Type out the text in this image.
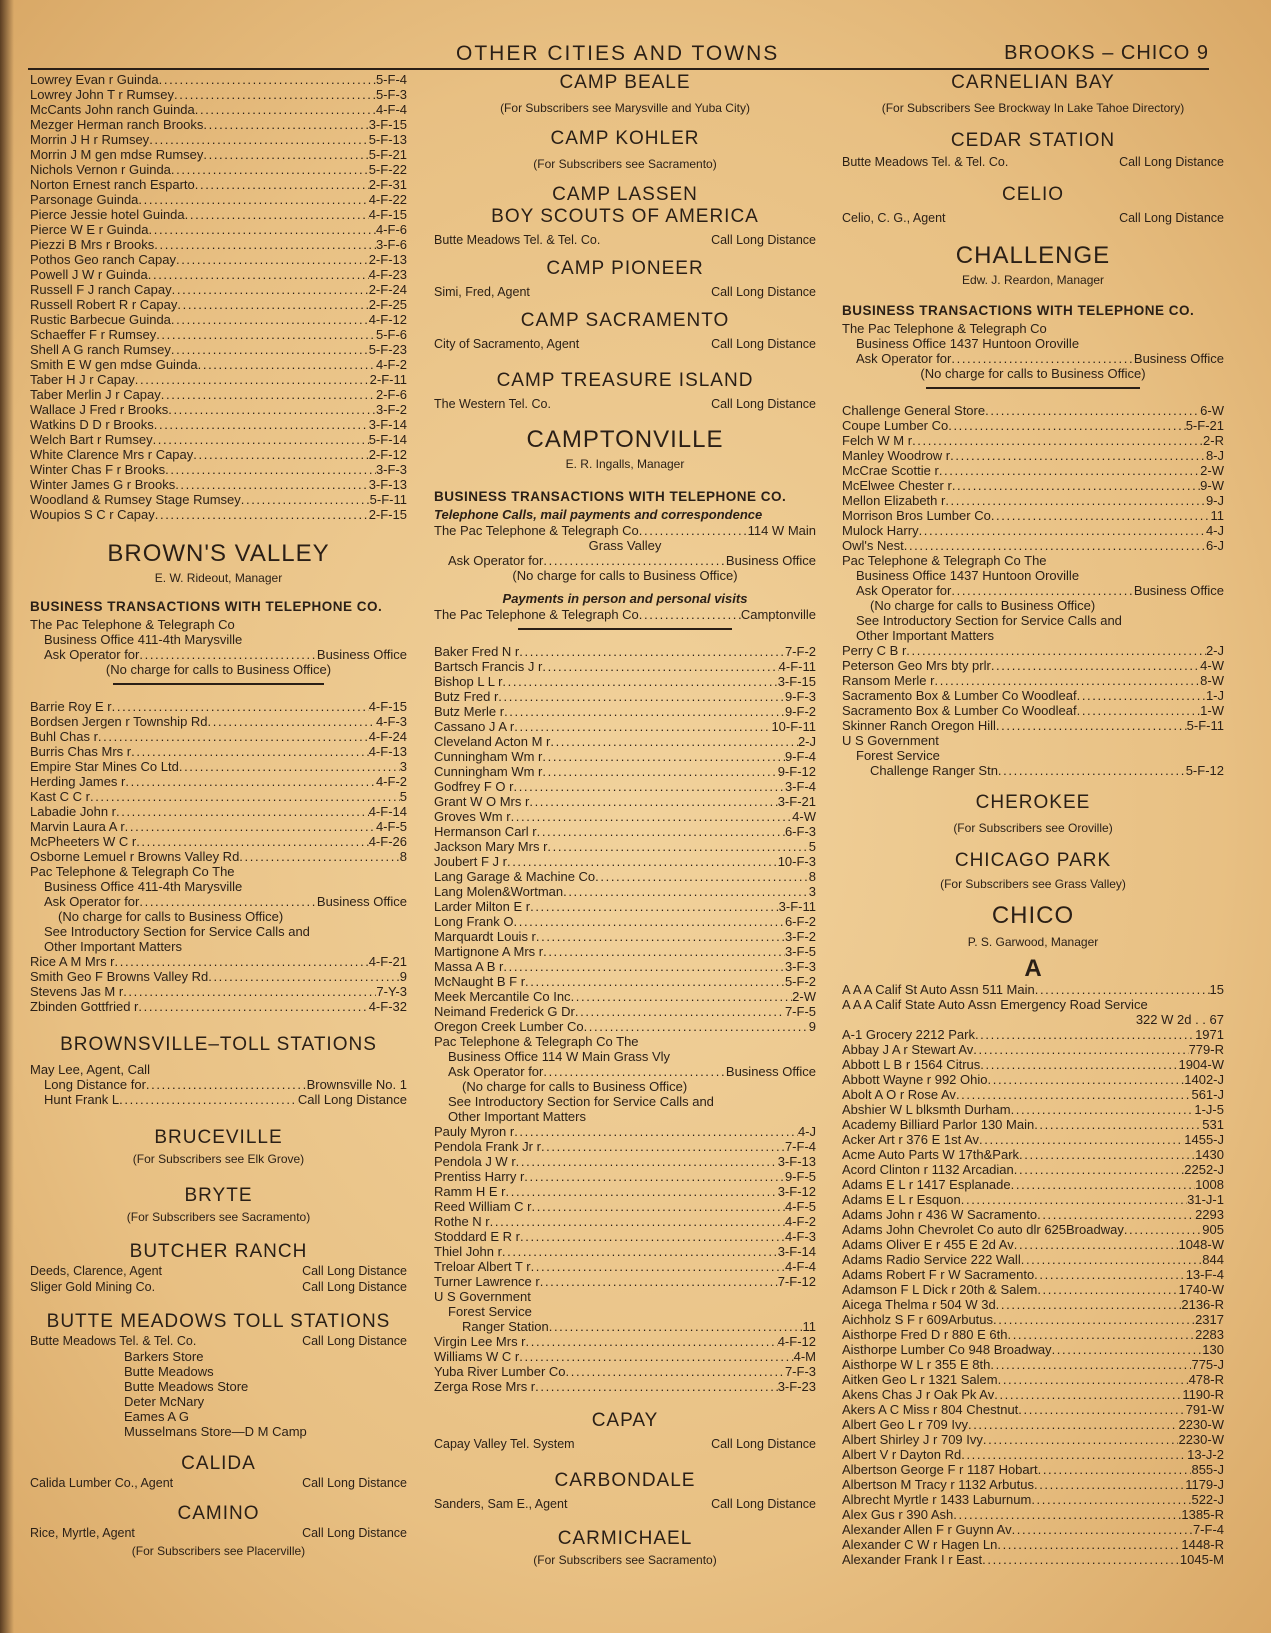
OTHER CITIES AND TOWNS	BROOKS – CHICO 9
Lowrey Evan r Guinda . . .	5-F-4
Lowrey John T r Rumsey . . .	5-F-3
McCants John ranch Guinda . . .	4-F-4
Mezger Herman ranch Brooks . . .	3-F-15
Morrin J H r Rumsey . . .	5-F-13
Morrin J M gen mdse Rumsey . . .	5-F-21
Nichols Vernon r Guinda . . .	5-F-22
Norton Ernest ranch Esparto . . .	2-F-31
Parsonage Guinda . . .	4-F-22
Pierce Jessie hotel Guinda . . .	4-F-15
Pierce W E r Guinda . . .	4-F-6
Piezzi B Mrs r Brooks . . .	3-F-6
Pothos Geo ranch Capay . . .	2-F-13
Powell J W r Guinda . . .	4-F-23
Russell F J ranch Capay . . .	2-F-24
Russell Robert R r Capay . . .	2-F-25
Rustic Barbecue Guinda . . .	4-F-12
Schaeffer F r Rumsey . . .	5-F-6
Shell A G ranch Rumsey . . .	5-F-23
Smith E W gen mdse Guinda . . .	4-F-2
Taber H J r Capay . . .	2-F-11
Taber Merlin J r Capay . . .	2-F-6
Wallace J Fred r Brooks . . .	3-F-2
Watkins D D r Brooks . . .	3-F-14
Welch Bart r Rumsey . . .	5-F-14
White Clarence Mrs r Capay . . .	2-F-12
Winter Chas F r Brooks . . .	3-F-3
Winter James G r Brooks . . .	3-F-13
Woodland & Rumsey Stage Rumsey . . .	5-F-11
Woupios S C r Capay . . .	2-F-15
BROWN'S VALLEY
E. W. Rideout, Manager
BUSINESS TRANSACTIONS WITH TELEPHONE CO.
The Pac Telephone & Telegraph Co
Business Office 411-4th Marysville
Ask Operator for . . .	Business Office
(No charge for calls to Business Office)
Barrie Roy E r . . .	4-F-15
Bordsen Jergen r Township Rd . . .	4-F-3
Buhl Chas r . . .	4-F-24
Burris Chas Mrs r . . .	4-F-13
Empire Star Mines Co Ltd . . .	3
Herding James r . . .	4-F-2
Kast C C r . . .	5
Labadie John r . . .	4-F-14
Marvin Laura A r . . .	4-F-5
McPheeters W C r . . .	4-F-26
Osborne Lemuel r Browns Valley Rd . . .	8
Pac Telephone & Telegraph Co The
Business Office 411-4th Marysville
Ask Operator for . . .	Business Office
(No charge for calls to Business Office)
See Introductory Section for Service Calls and
Other Important Matters
Rice A M Mrs r . . .	4-F-21
Smith Geo F Browns Valley Rd . . .	9
Stevens Jas M r . . .	7-Y-3
Zbinden Gottfried r . . .	4-F-32
BROWNSVILLE–TOLL STATIONS
May Lee, Agent, Call
Long Distance for . . .	Brownsville No. 1
Hunt Frank L . . .	Call Long Distance
BRUCEVILLE
(For Subscribers see Elk Grove)
BRYTE
(For Subscribers see Sacramento)
BUTCHER RANCH
Deeds, Clarence, Agent	Call Long Distance
Sliger Gold Mining Co.	Call Long Distance
BUTTE MEADOWS TOLL STATIONS
Butte Meadows Tel. & Tel. Co.	Call Long Distance
Barkers Store
Butte Meadows
Butte Meadows Store
Deter McNary
Eames A G
Musselmans Store—D M Camp
CALIDA
Calida Lumber Co., Agent	Call Long Distance
CAMINO
Rice, Myrtle, Agent	Call Long Distance
(For Subscribers see Placerville)
CAMP BEALE
(For Subscribers see Marysville and Yuba City)
CAMP KOHLER
(For Subscribers see Sacramento)
CAMP LASSEN
BOY SCOUTS OF AMERICA
Butte Meadows Tel. & Tel. Co.	Call Long Distance
CAMP PIONEER
Simi, Fred, Agent	Call Long Distance
CAMP SACRAMENTO
City of Sacramento, Agent	Call Long Distance
CAMP TREASURE ISLAND
The Western Tel. Co.	Call Long Distance
CAMPTONVILLE
E. R. Ingalls, Manager
BUSINESS TRANSACTIONS WITH TELEPHONE CO.
Telephone Calls, mail payments and correspondence
The Pac Telephone & Telegraph Co . . .	114 W Main
Grass Valley
Ask Operator for . . .	Business Office
(No charge for calls to Business Office)
Payments in person and personal visits
The Pac Telephone & Telegraph Co . . .	Camptonville
Baker Fred N r . . .	7-F-2
Bartsch Francis J r . . .	4-F-11
Bishop L L r . . .	3-F-15
Butz Fred r . . .	9-F-3
Butz Merle r . . .	9-F-2
Cassano J A r . . .	10-F-11
Cleveland Acton M r . . .	2-J
Cunningham Wm r . . .	9-F-4
Cunningham Wm r . . .	9-F-12
Godfrey F O r . . .	3-F-4
Grant W O Mrs r . . .	3-F-21
Groves Wm r . . .	4-W
Hermanson Carl r . . .	6-F-3
Jackson Mary Mrs r . . .	5
Joubert F J r . . .	10-F-3
Lang Garage & Machine Co . . .	8
Lang Molen&Wortman . . .	3
Larder Milton E r . . .	3-F-11
Long Frank O . . .	6-F-2
Marquardt Louis r . . .	3-F-2
Martignone A Mrs r . . .	3-F-5
Massa A B r . . .	3-F-3
McNaught B F r . . .	5-F-2
Meek Mercantile Co Inc . . .	2-W
Neimand Frederick G Dr . . .	7-F-5
Oregon Creek Lumber Co . . .	9
Pac Telephone & Telegraph Co The
Business Office 114 W Main Grass Vly
Ask Operator for . . .	Business Office
(No charge for calls to Business Office)
See Introductory Section for Service Calls and
Other Important Matters
Pauly Myron r . . .	4-J
Pendola Frank Jr r . . .	7-F-4
Pendola J W r . . .	3-F-13
Prentiss Harry r . . .	9-F-5
Ramm H E r . . .	3-F-12
Reed William C r . . .	4-F-5
Rothe N r . . .	4-F-2
Stoddard E R r . . .	4-F-3
Thiel John r . . .	3-F-14
Treloar Albert T r . . .	4-F-4
Turner Lawrence r . . .	7-F-12
U S Government
Forest Service
Ranger Station . . .	11
Virgin Lee Mrs r . . .	4-F-12
Williams W C r . . .	4-M
Yuba River Lumber Co . . .	7-F-3
Zerga Rose Mrs r . . .	3-F-23
CAPAY
Capay Valley Tel. System	Call Long Distance
CARBONDALE
Sanders, Sam E., Agent	Call Long Distance
CARMICHAEL
(For Subscribers see Sacramento)
CARNELIAN BAY
(For Subscribers See Brockway In Lake Tahoe Directory)
CEDAR STATION
Butte Meadows Tel. & Tel. Co.	Call Long Distance
CELIO
Celio, C. G., Agent	Call Long Distance
CHALLENGE
Edw. J. Reardon, Manager
BUSINESS TRANSACTIONS WITH TELEPHONE CO.
The Pac Telephone & Telegraph Co
Business Office 1437 Huntoon Oroville
Ask Operator for . . .	Business Office
(No charge for calls to Business Office)
Challenge General Store . . .	6-W
Coupe Lumber Co . . .	5-F-21
Felch W M r . . .	2-R
Manley Woodrow r . . .	8-J
McCrae Scottie r . . .	2-W
McElwee Chester r . . .	9-W
Mellon Elizabeth r . . .	9-J
Morrison Bros Lumber Co . . .	11
Mulock Harry . . .	4-J
Owl's Nest . . .	6-J
Pac Telephone & Telegraph Co The
Business Office 1437 Huntoon Oroville
Ask Operator for . . .	Business Office
(No charge for calls to Business Office)
See Introductory Section for Service Calls and
Other Important Matters
Perry C B r . . .	2-J
Peterson Geo Mrs bty prlr . . .	4-W
Ransom Merle r . . .	8-W
Sacramento Box & Lumber Co Woodleaf . . .	1-J
Sacramento Box & Lumber Co Woodleaf . . .	1-W
Skinner Ranch Oregon Hill . . .	5-F-11
U S Government
Forest Service
Challenge Ranger Stn . . .	5-F-12
CHEROKEE
(For Subscribers see Oroville)
CHICAGO PARK
(For Subscribers see Grass Valley)
CHICO
P. S. Garwood, Manager
A
A A A Calif St Auto Assn 511 Main . . .	15
A A A Calif State Auto Assn Emergency Road Service
322 W 2d . . 67
A-1 Grocery 2212 Park . . .	1971
Abbay J A r Stewart Av . . .	779-R
Abbott L B r 1564 Citrus . . .	1904-W
Abbott Wayne r 992 Ohio . . .	1402-J
Abolt A O r Rose Av . . .	561-J
Abshier W L blksmth Durham . . .	1-J-5
Academy Billiard Parlor 130 Main . . .	531
Acker Art r 376 E 1st Av . . .	1455-J
Acme Auto Parts W 17th&Park . . .	1430
Acord Clinton r 1132 Arcadian . . .	2252-J
Adams E L r 1417 Esplanade . . .	1008
Adams E L r Esquon . . .	31-J-1
Adams John r 436 W Sacramento . . .	2293
Adams John Chevrolet Co auto dlr 625Broadway . . .	905
Adams Oliver E r 455 E 2d Av . . .	1048-W
Adams Radio Service 222 Wall . . .	844
Adams Robert F r W Sacramento . . .	13-F-4
Adamson F L Dick r 20th & Salem . . .	1740-W
Aicega Thelma r 504 W 3d . . .	2136-R
Aichholz S F r 609Arbutus . . .	2317
Aisthorpe Fred D r 880 E 6th . . .	2283
Aisthorpe Lumber Co 948 Broadway . . .	130
Aisthorpe W L r 355 E 8th . . .	775-J
Aitken Geo L r 1321 Salem . . .	478-R
Akens Chas J r Oak Pk Av . . .	1190-R
Akers A C Miss r 804 Chestnut . . .	791-W
Albert Geo L r 709 Ivy . . .	2230-W
Albert Shirley J r 709 Ivy . . .	2230-W
Albert V r Dayton Rd . . .	13-J-2
Albertson George F r 1187 Hobart . . .	855-J
Albertson M Tracy r 1132 Arbutus . . .	1179-J
Albrecht Myrtle r 1433 Laburnum . . .	522-J
Alex Gus r 390 Ash . . .	1385-R
Alexander Allen F r Guynn Av . . .	7-F-4
Alexander C W r Hagen Ln . . .	1448-R
Alexander Frank I r East . . .	1045-M
